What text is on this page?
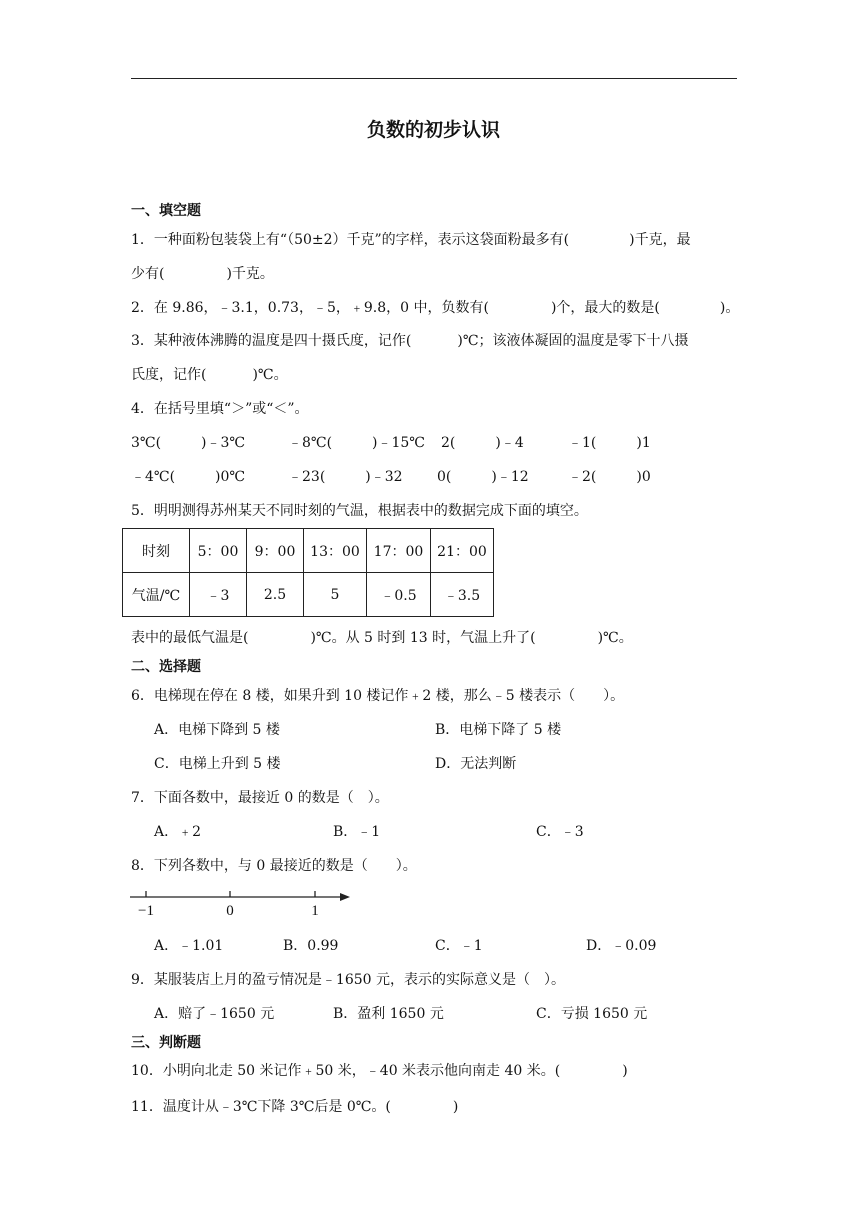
负数的初步认识
一、填空题
1．一种面粉包装袋上有“（50±2）千克”的字样，表示这袋面粉最多有(	)千克，最
少有(	)千克。
2．在 9.86，﹣3.1，0.73，﹣5，﹢9.8，0 中，负数有(	)个，最大的数是(	)。
3．某种液体沸腾的温度是四十摄氏度，记作(	)℃；该液体凝固的温度是零下十八摄
氏度，记作(	)℃。
4．在括号里填“＞”或“＜”。
3℃(	)﹣3℃	﹣8℃(	)﹣15℃ 2(	)﹣4	﹣1(	)1
﹣4℃(	)0℃	﹣23(	)﹣32 0(	)﹣12	﹣2(	)0
5．明明测得苏州某天不同时刻的气温，根据表中的数据完成下面的填空。
时刻	5：00	9：00	13：00	17：00	21：00
气温/℃	﹣3	2.5	5	﹣0.5	﹣3.5
表中的最低气温是(	)℃。从 5 时到 13 时，气温上升了(	)℃。
二、选择题
6．电梯现在停在 8 楼，如果升到 10 楼记作﹢2 楼，那么﹣5 楼表示（　　）。
A．电梯下降到 5 楼	B．电梯下降了 5 楼
C．电梯上升到 5 楼	D．无法判断
7．下面各数中，最接近 0 的数是（　）。
A．﹢2	B．﹣1	C．﹣3
8．下列各数中，与 0 最接近的数是（　　）。
−1	0	1
A．﹣1.01	B．0.99	C．﹣1	D．﹣0.09
9．某服装店上月的盈亏情况是﹣1650 元，表示的实际意义是（　）。
A．赔了﹣1650 元	B．盈利 1650 元	C．亏损 1650 元
三、判断题
10．小明向北走 50 米记作﹢50 米，﹣40 米表示他向南走 40 米。(	)
11．温度计从﹣3℃下降 3℃后是 0℃。(	)
